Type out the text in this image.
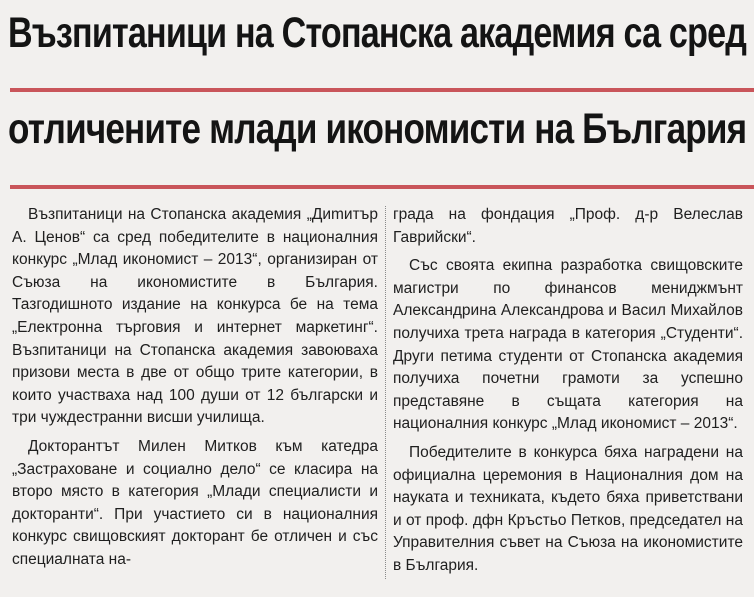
Възпитаници на Стопанска академия са сред
отличените млади икономисти на България

Възпитаници на Стопанска академия „Диmитър А. Ценов“ са сред победителите в националния конкурс „Млад икономист – 2013“, организиран от Съюза на икономистите в България. Тазгодишното издание на конкурса бе на тема „Електронна търговия и интернет маркетинг“. Възпитаници на Стопанска академия завоюваха призови места в две от общо трите категории, в които участваха над 100 души от 12 български и три чуждестранни висши училища.

Докторантът Милен Митков към катедра „Застраховане и социално дело“ се класира на второ място в категория „Млади специалисти и докторанти“. При участието си в националния конкурс свищовският докторант бе отличен и със специалната на-

града на фондация „Проф. д-р Велеслав Гаврийски“.

Със своята екипна разработка свищовските магистри по финансов мениджмънт Александрина Александрова и Васил Михайлов получиха трета награда в категория „Студенти“. Други петима студенти от Стопанска академия получиха почетни грамоти за успешно представяне в същата категория на националния конкурс „Млад икономист – 2013“.

Победителите в конкурса бяха наградени на официална церемония в Националния дом на науката и техниката, където бяха приветствани и от проф. дфн Кръстьо Петков, председател на Управителния съвет на Съюза на икономистите в България.
